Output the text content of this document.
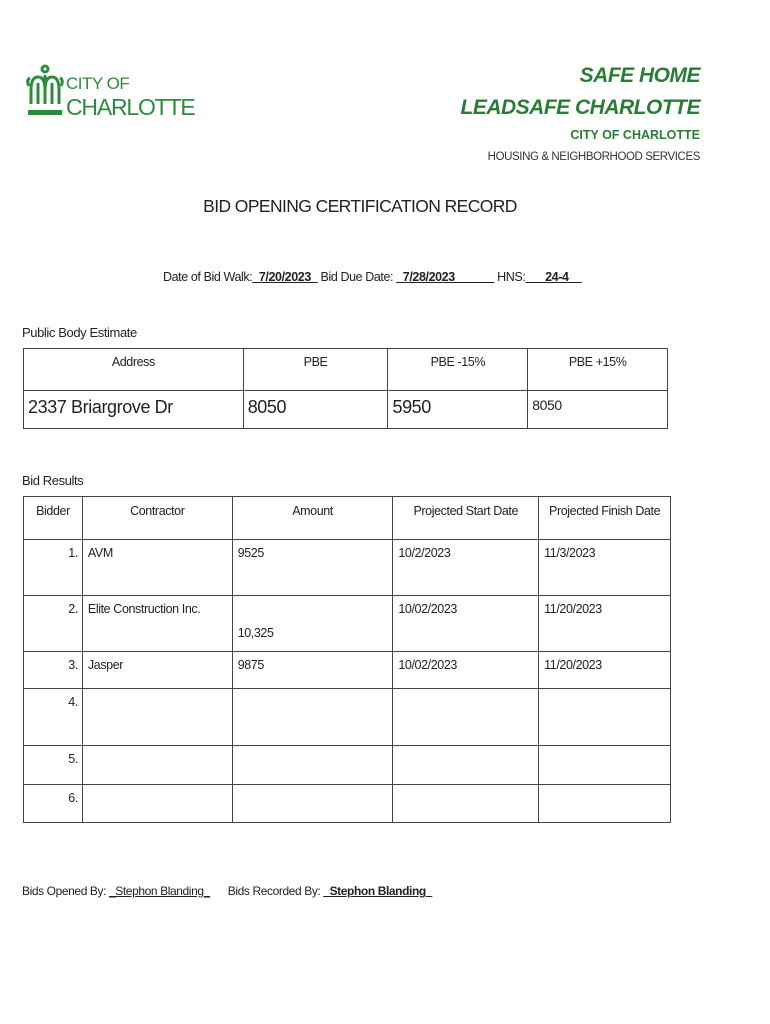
CITY OF
CHARLOTTE
SAFE HOME
LEADSAFE CHARLOTTE
CITY OF CHARLOTTE
HOUSING & NEIGHBORHOOD SERVICES
BID OPENING CERTIFICATION RECORD
Date of Bid Walk:_7/20/2023_ Bid Due Date: _7/28/2023______ HNS:___24-4__
Public Body Estimate
Address	PBE	PBE -15%	PBE +15%
2337 Briargrove Dr	8050	5950	8050
Bid Results
Bidder	Contractor	Amount	Projected Start Date	Projected Finish Date
1.	AVM	9525	10/2/2023	11/3/2023
2.	Elite Construction Inc.	10,325	10/02/2023	11/20/2023
3.	Jasper	9875	10/02/2023	11/20/2023
4.				
5.				
6.				
Bids Opened By: _Stephon Blanding_ Bids Recorded By: _Stephon Blanding_
